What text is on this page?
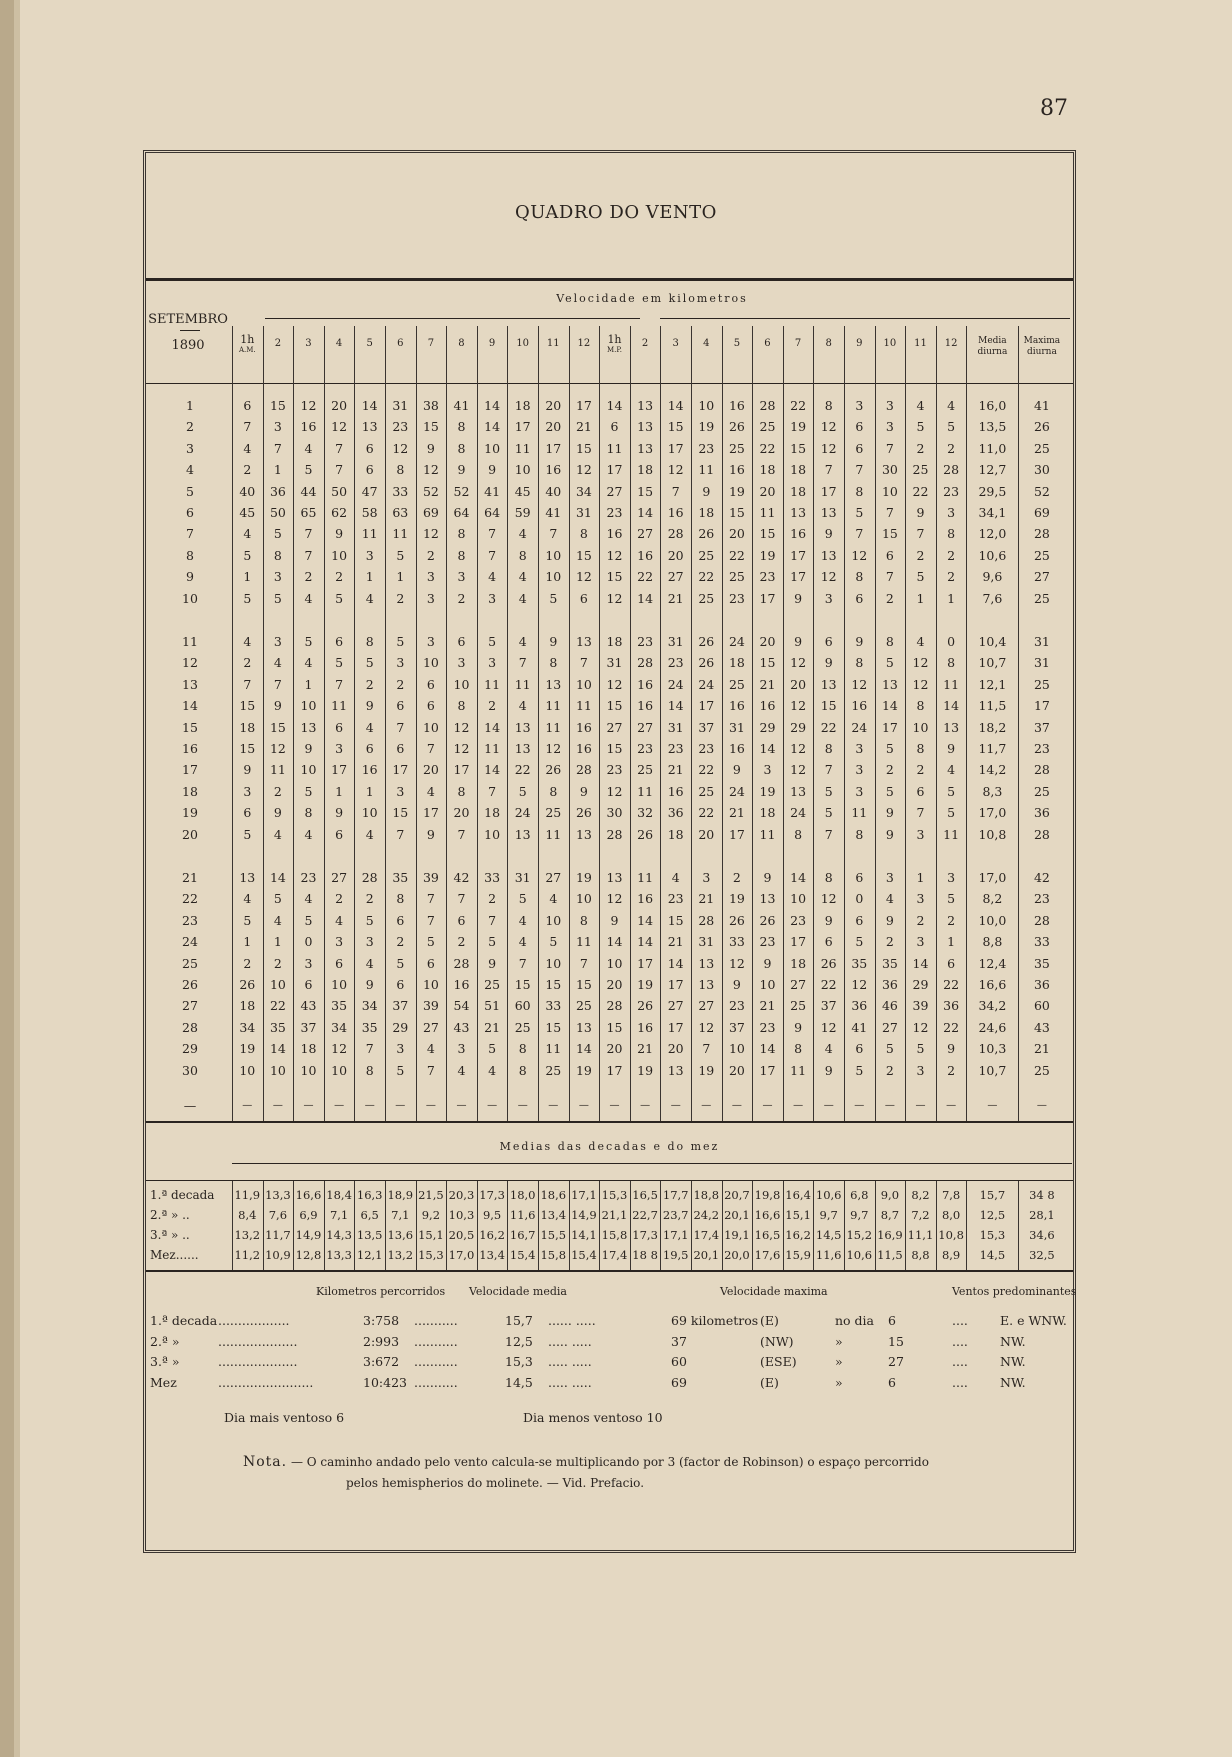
87
QUADRO DO VENTO
SETEMBRO
1890
Velocidade em kilometros
1h
A.M.
2	3	4	5	6	7	8	9	10	11	12	1h
M.P.
2	3	4	5	6	7	8	9	10	11	12	Media
diurna
Maxima
diurna
1	6	15	12	20	14	31	38	41	14	18	20	17	14	13	14	10	16	28	22	8	3	3	4	4	16,0	41
2	7	3	16	12	13	23	15	8	14	17	20	21	6	13	15	19	26	25	19	12	6	3	5	5	13,5	26
3	4	7	4	7	6	12	9	8	10	11	17	15	11	13	17	23	25	22	15	12	6	7	2	2	11,0	25
4	2	1	5	7	6	8	12	9	9	10	16	12	17	18	12	11	16	18	18	7	7	30	25	28	12,7	30
5	40	36	44	50	47	33	52	52	41	45	40	34	27	15	7	9	19	20	18	17	8	10	22	23	29,5	52
6	45	50	65	62	58	63	69	64	64	59	41	31	23	14	16	18	15	11	13	13	5	7	9	3	34,1	69
7	4	5	7	9	11	11	12	8	7	4	7	8	16	27	28	26	20	15	16	9	7	15	7	8	12,0	28
8	5	8	7	10	3	5	2	8	7	8	10	15	12	16	20	25	22	19	17	13	12	6	2	2	10,6	25
9	1	3	2	2	1	1	3	3	4	4	10	12	15	22	27	22	25	23	17	12	8	7	5	2	9,6	27
10	5	5	4	5	4	2	3	2	3	4	5	6	12	14	21	25	23	17	9	3	6	2	1	1	7,6	25
11	4	3	5	6	8	5	3	6	5	4	9	13	18	23	31	26	24	20	9	6	9	8	4	0	10,4	31
12	2	4	4	5	5	3	10	3	3	7	8	7	31	28	23	26	18	15	12	9	8	5	12	8	10,7	31
13	7	7	1	7	2	2	6	10	11	11	13	10	12	16	24	24	25	21	20	13	12	13	12	11	12,1	25
14	15	9	10	11	9	6	6	8	2	4	11	11	15	16	14	17	16	16	12	15	16	14	8	14	11,5	17
15	18	15	13	6	4	7	10	12	14	13	11	16	27	27	31	37	31	29	29	22	24	17	10	13	18,2	37
16	15	12	9	3	6	6	7	12	11	13	12	16	15	23	23	23	16	14	12	8	3	5	8	9	11,7	23
17	9	11	10	17	16	17	20	17	14	22	26	28	23	25	21	22	9	3	12	7	3	2	2	4	14,2	28
18	3	2	5	1	1	3	4	8	7	5	8	9	12	11	16	25	24	19	13	5	3	5	6	5	8,3	25
19	6	9	8	9	10	15	17	20	18	24	25	26	30	32	36	22	21	18	24	5	11	9	7	5	17,0	36
20	5	4	4	6	4	7	9	7	10	13	11	13	28	26	18	20	17	11	8	7	8	9	3	11	10,8	28
21	13	14	23	27	28	35	39	42	33	31	27	19	13	11	4	3	2	9	14	8	6	3	1	3	17,0	42
22	4	5	4	2	2	8	7	7	2	5	4	10	12	16	23	21	19	13	10	12	0	4	3	5	8,2	23
23	5	4	5	4	5	6	7	6	7	4	10	8	9	14	15	28	26	26	23	9	6	9	2	2	10,0	28
24	1	1	0	3	3	2	5	2	5	4	5	11	14	14	21	31	33	23	17	6	5	2	3	1	8,8	33
25	2	2	3	6	4	5	6	28	9	7	10	7	10	17	14	13	12	9	18	26	35	35	14	6	12,4	35
26	26	10	6	10	9	6	10	16	25	15	15	15	20	19	17	13	9	10	27	22	12	36	29	22	16,6	36
27	18	22	43	35	34	37	39	54	51	60	33	25	28	26	27	27	23	21	25	37	36	46	39	36	34,2	60
28	34	35	37	34	35	29	27	43	21	25	15	13	15	16	17	12	37	23	9	12	41	27	12	22	24,6	43
29	19	14	18	12	7	3	4	3	5	8	11	14	20	21	20	7	10	14	8	4	6	5	5	9	10,3	21
30	10	10	10	10	8	5	7	4	4	8	25	19	17	19	13	19	20	17	11	9	5	2	3	2	10,7	25
—	—	—	—	—	—	—	—	—	—	—	—	—	—	—	—	—	—	—	—	—	—	—	—	—	—	—
Medias das decadas e do mez
1.ª decada	11,9 13,3 16,6 18,4 16,3 18,9 21,5 20,3 17,3 18,0 18,6 17,1 15,3 16,5 17,7 18,8 20,7 19,8 16,4 10,6 6,8	9,0	8,2	7,8	15,7	34 8
2.ª » ..	8,4	7,6	6,9	7,1	6,5	7,1	9,2 10,3 9,5 11,6 13,4 14,9 21,1 22,7 23,7 24,2 20,1 16,6 15,1 9,7	9,7	8,7	7,2	8,0	12,5	28,1
3.ª » ..	13,2 11,7 14,9 14,3 13,5 13,6 15,1 20,5 16,2 16,7 15,5 14,1 15,8 17,3 17,1 17,4 19,1 16,5 16,2 14,5 15,2 16,9 11,1 10,8	15,3	34,6
Mez......	11,2 10,9 12,8 13,3 12,1 13,2 15,3 17,0 13,4 15,4 15,8 15,4 17,4 18 8 19,5 20,1 20,0 17,6 15,9 11,6 10,6 11,5 8,8	8,9	14,5	32,5
Kilometros percorridos Velocidade media	Velocidade maxima	Ventos predominantes
1.ª decada ..................	3:758 ...........	15,7 ...... .....	69 kilometros (E)	no dia 6	....	E. e WNW.
2.ª »	....................	2:993 ...........	12,5 ..... .....	37	(NW)	»	15	....	NW.
3.ª »	....................	3:672 ...........	15,3 ..... .....	60	(ESE)	»	27	....	NW.
Mez	........................	10:423 ...........	14,5 ..... .....	69	(E)	»	6	....	NW.
Dia mais ventoso 6	Dia menos ventoso 10
Nota. — O caminho andado pelo vento calcula-se multiplicando por 3 (factor de Robinson) o espaço percorrido
pelos hemispherios do molinete. — Vid. Prefacio.
